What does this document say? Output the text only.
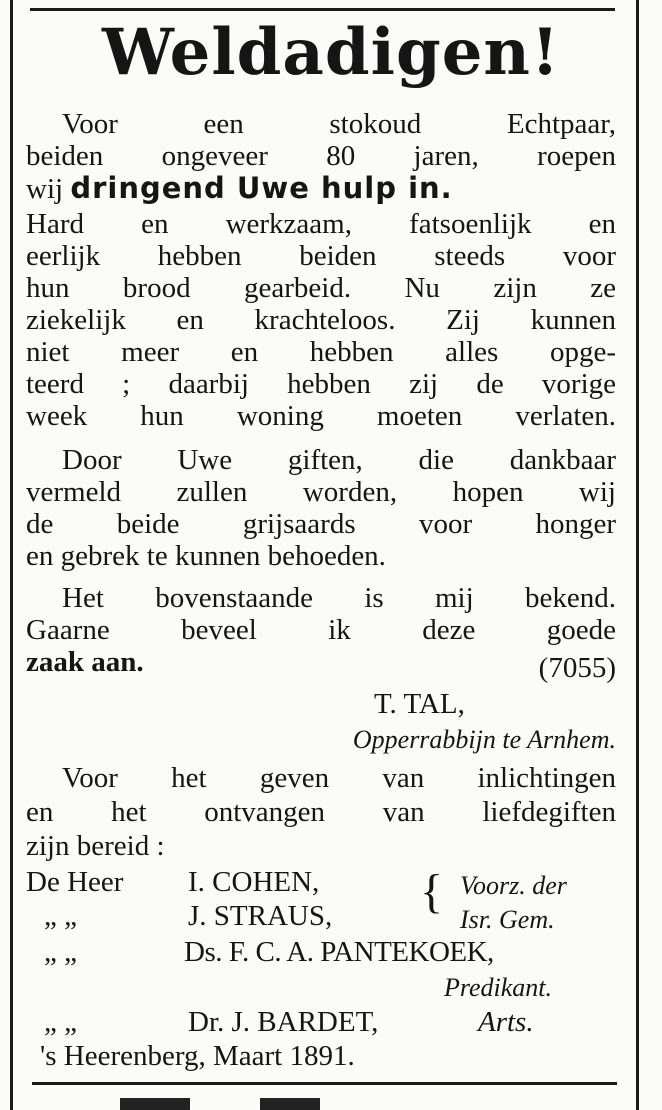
Weldadigen!
Voor een stokoud Echtpaar,
beiden ongeveer 80 jaren, roepen
wij dringend Uwe hulp in.
Hard en werkzaam, fatsoenlijk en
eerlijk hebben beiden steeds voor
hun brood gearbeid. Nu zijn ze
ziekelijk en krachteloos. Zij kunnen
niet meer en hebben alles opge-
teerd ; daarbij hebben zij de vorige
week hun woning moeten verlaten.
Door Uwe giften, die dankbaar
vermeld zullen worden, hopen wij
de beide grijsaards voor honger
en gebrek te kunnen behoeden.
Het bovenstaande is mij bekend.
Gaarne beveel ik deze goede
zaak aan.	(7055)
T. TAL,
Opperrabbijn te Arnhem.
Voor het geven van inlichtingen
en het ontvangen van liefdegiften
zijn bereid :
De Heer I. COHEN, { Voorz. der
„ „	J. STRAUS,	Isr. Gem.
„ „	Ds. F. C. A. PANTEKOEK,
Predikant.
„ „	Dr. J. BARDET,	Arts.
's Heerenberg, Maart 1891.
